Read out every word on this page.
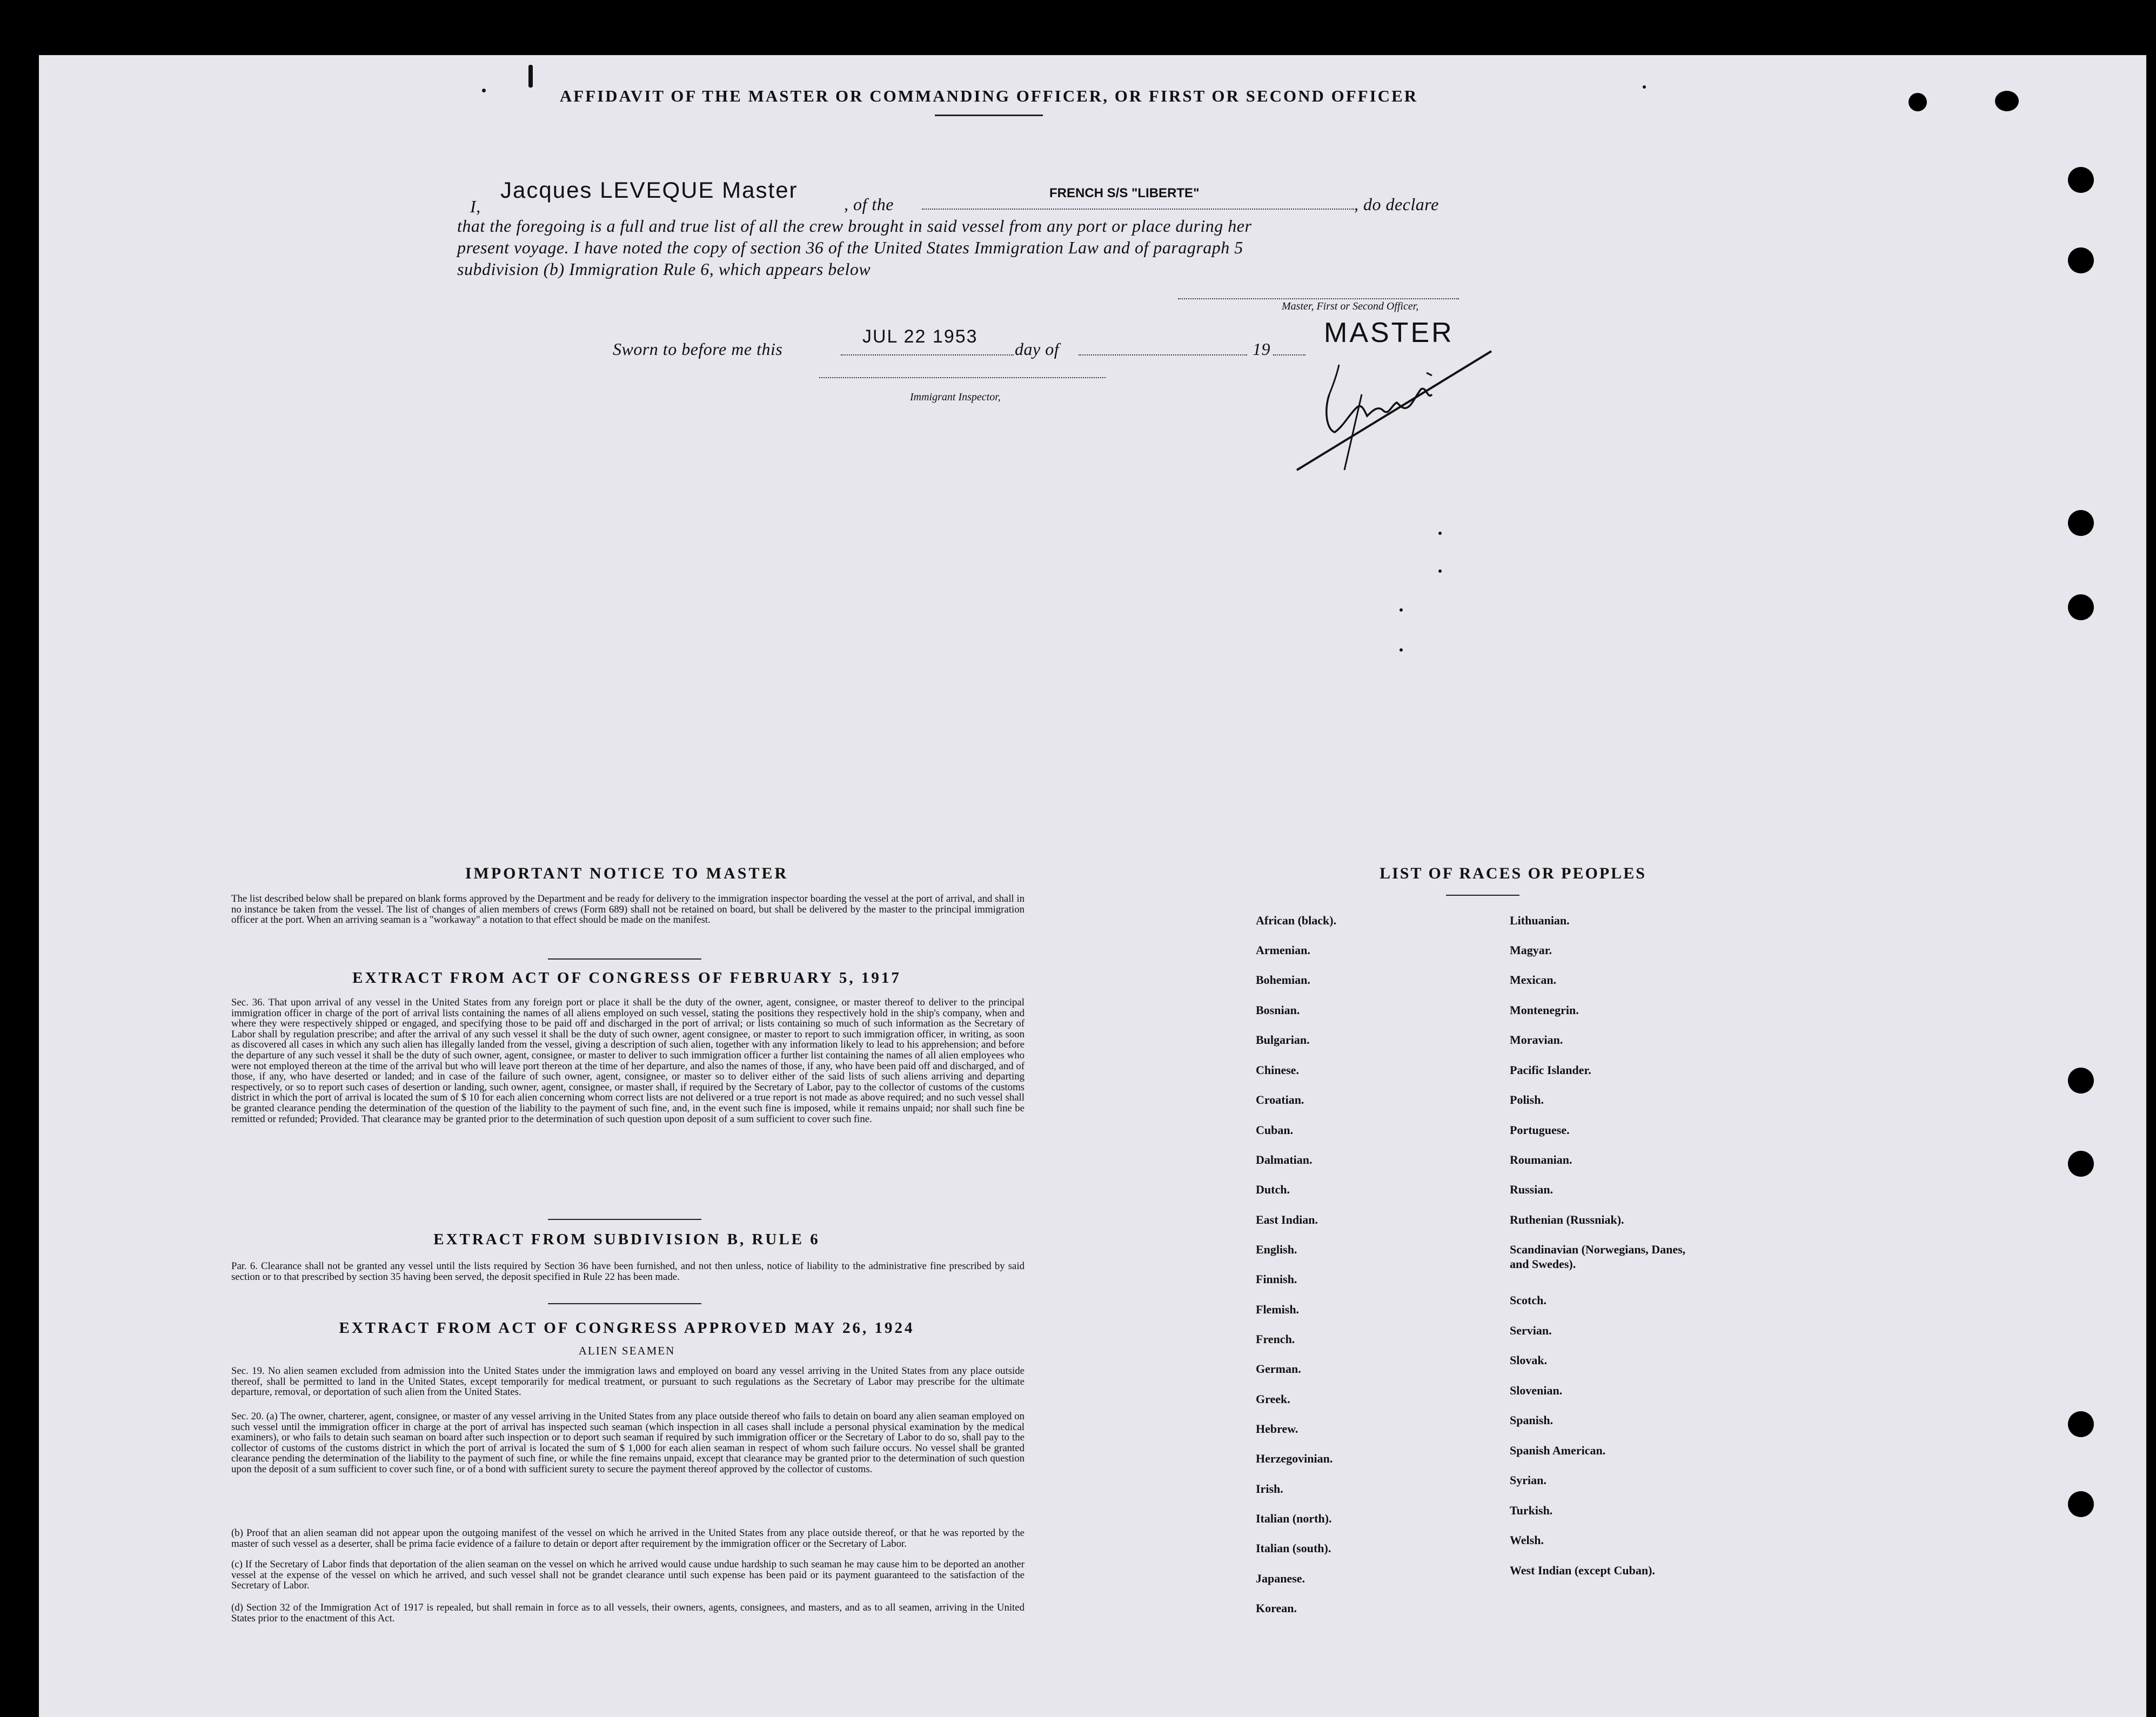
AFFIDAVIT OF THE MASTER OR COMMANDING OFFICER, OR FIRST OR SECOND OFFICER
I,
Jacques LEVEQUE Master
, of the
FRENCH S/S "LIBERTE"
, do declare
that the foregoing is a full and true list of all the crew brought in said vessel from any port or place during her
present voyage. I have noted the copy of section 36 of the United States Immigration Law and of paragraph 5
subdivision (b) Immigration Rule 6, which appears below
Master, First or Second Officer,
MASTER
Sworn to before me this
JUL 22 1953
day of	19
Immigrant Inspector,
IMPORTANT NOTICE TO MASTER
The list described below shall be prepared on blank forms approved by the Department and be ready for delivery to the immigration inspector boarding the vessel at the port of arrival, and shall in no instance be taken from the vessel. The list of changes of alien members of crews (Form 689) shall not be retained on board, but shall be delivered by the master to the principal immigration officer at the port. When an arriving seaman is a "workaway" a notation to that effect should be made on the manifest.
EXTRACT FROM ACT OF CONGRESS OF FEBRUARY 5, 1917
Sec. 36. That upon arrival of any vessel in the United States from any foreign port or place it shall be the duty of the owner, agent, consignee, or master thereof to deliver to the principal immigration officer in charge of the port of arrival lists containing the names of all aliens employed on such vessel, stating the positions they respectively hold in the ship's company, when and where they were respectively shipped or engaged, and specifying those to be paid off and discharged in the port of arrival; or lists containing so much of such information as the Secretary of Labor shall by regulation prescribe; and after the arrival of any such vessel it shall be the duty of such owner, agent consignee, or master to report to such immigration officer, in writing, as soon as discovered all cases in which any such alien has illegally landed from the vessel, giving a description of such alien, together with any information likely to lead to his apprehension; and before the departure of any such vessel it shall be the duty of such owner, agent, consignee, or master to deliver to such immigration officer a further list containing the names of all alien employees who were not employed thereon at the time of the arrival but who will leave port thereon at the time of her departure, and also the names of those, if any, who have been paid off and discharged, and of those, if any, who have deserted or landed; and in case of the failure of such owner, agent, consignee, or master so to deliver either of the said lists of such aliens arriving and departing respectively, or so to report such cases of desertion or landing, such owner, agent, consignee, or master shall, if required by the Secretary of Labor, pay to the collector of customs of the customs district in which the port of arrival is located the sum of $ 10 for each alien concerning whom correct lists are not delivered or a true report is not made as above required; and no such vessel shall be granted clearance pending the determination of the question of the liability to the payment of such fine, and, in the event such fine is imposed, while it remains unpaid; nor shall such fine be remitted or refunded; Provided. That clearance may be granted prior to the determination of such question upon deposit of a sum sufficient to cover such fine.
EXTRACT FROM SUBDIVISION B, RULE 6
Par. 6. Clearance shall not be granted any vessel until the lists required by Section 36 have been furnished, and not then unless, notice of liability to the administrative fine prescribed by said section or to that prescribed by section 35 having been served, the deposit specified in Rule 22 has been made.
EXTRACT FROM ACT OF CONGRESS APPROVED MAY 26, 1924
ALIEN SEAMEN
Sec. 19. No alien seamen excluded from admission into the United States under the immigration laws and employed on board any vessel arriving in the United States from any place outside thereof, shall be permitted to land in the United States, except temporarily for medical treatment, or pursuant to such regulations as the Secretary of Labor may prescribe for the ultimate departure, removal, or deportation of such alien from the United States.
Sec. 20. (a) The owner, charterer, agent, consignee, or master of any vessel arriving in the United States from any place outside thereof who fails to detain on board any alien seaman employed on such vessel until the immigration officer in charge at the port of arrival has inspected such seaman (which inspection in all cases shall include a personal physical examination by the medical examiners), or who fails to detain such seaman on board after such inspection or to deport such seaman if required by such immigration officer or the Secretary of Labor to do so, shall pay to the collector of customs of the customs district in which the port of arrival is located the sum of $ 1,000 for each alien seaman in respect of whom such failure occurs. No vessel shall be granted clearance pending the determination of the liability to the payment of such fine, or while the fine remains unpaid, except that clearance may be granted prior to the determination of such question upon the deposit of a sum sufficient to cover such fine, or of a bond with sufficient surety to secure the payment thereof approved by the collector of customs.
(b) Proof that an alien seaman did not appear upon the outgoing manifest of the vessel on which he arrived in the United States from any place outside thereof, or that he was reported by the master of such vessel as a deserter, shall be prima facie evidence of a failure to detain or deport after requirement by the immigration officer or the Secretary of Labor.
(c) If the Secretary of Labor finds that deportation of the alien seaman on the vessel on which he arrived would cause undue hardship to such seaman he may cause him to be deported an another vessel at the expense of the vessel on which he arrived, and such vessel shall not be grandet clearance until such expense has been paid or its payment guaranteed to the satisfaction of the Secretary of Labor.
(d) Section 32 of the Immigration Act of 1917 is repealed, but shall remain in force as to all vessels, their owners, agents, consignees, and masters, and as to all seamen, arriving in the United States prior to the enactment of this Act.
LIST OF RACES OR PEOPLES
African (black).
Armenian.
Bohemian.
Bosnian.
Bulgarian.
Chinese.
Croatian.
Cuban.
Dalmatian.
Dutch.
East Indian.
English.
Finnish.
Flemish.
French.
German.
Greek.
Hebrew.
Herzegovinian.
Irish.
Italian (north).
Italian (south).
Japanese.
Korean.
Lithuanian.
Magyar.
Mexican.
Montenegrin.
Moravian.
Pacific Islander.
Polish.
Portuguese.
Roumanian.
Russian.
Ruthenian (Russniak).
Scandinavian (Norwegians, Danes, and Swedes).
Scotch.
Servian.
Slovak.
Slovenian.
Spanish.
Spanish American.
Syrian.
Turkish.
Welsh.
West Indian (except Cuban).
